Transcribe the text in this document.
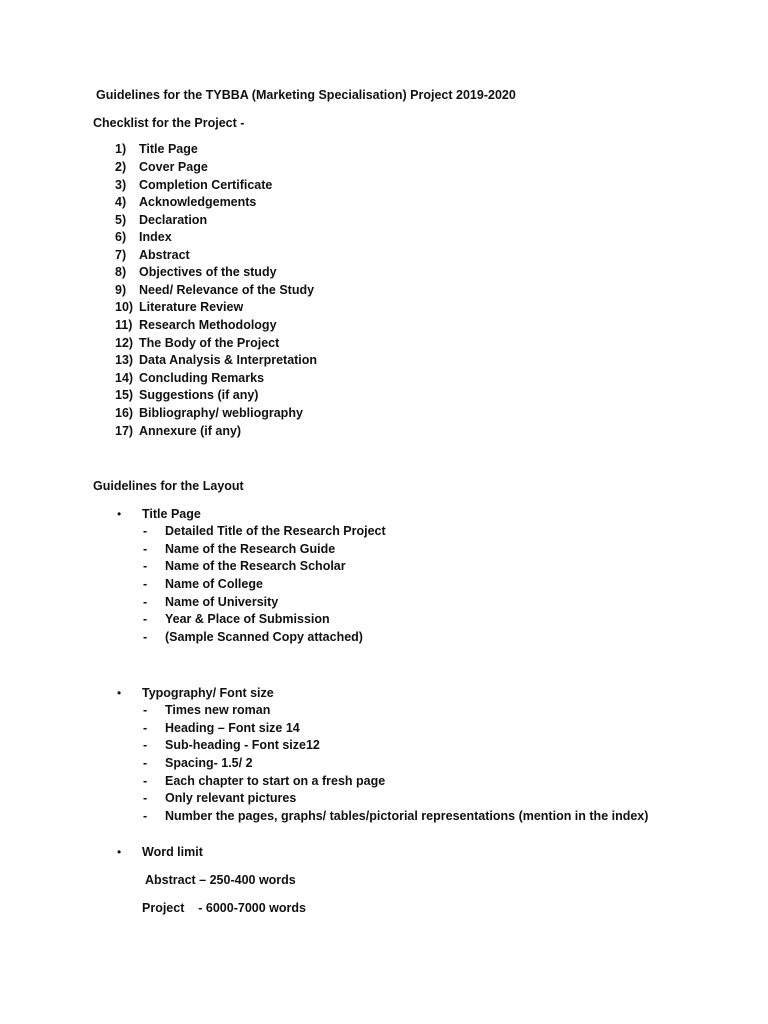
Guidelines for the TYBBA (Marketing Specialisation) Project 2019-2020
Checklist for the Project -
1) Title Page
2) Cover Page
3) Completion Certificate
4) Acknowledgements
5) Declaration
6) Index
7) Abstract
8) Objectives of the study
9) Need/ Relevance of the Study
10) Literature Review
11) Research Methodology
12) The Body of the Project
13) Data Analysis & Interpretation
14) Concluding Remarks
15) Suggestions (if any)
16) Bibliography/ webliography
17) Annexure (if any)
Guidelines for the Layout
• Title Page
- Detailed Title of the Research Project
- Name of the Research Guide
- Name of the Research Scholar
- Name of College
- Name of University
- Year & Place of Submission
- (Sample Scanned Copy attached)
• Typography/ Font size
- Times new roman
- Heading – Font size 14
- Sub-heading - Font size12
- Spacing- 1.5/ 2
- Each chapter to start on a fresh page
- Only relevant pictures
- Number the pages, graphs/ tables/pictorial representations (mention in the index)
• Word limit
Abstract – 250-400 words
Project    - 6000-7000 words
